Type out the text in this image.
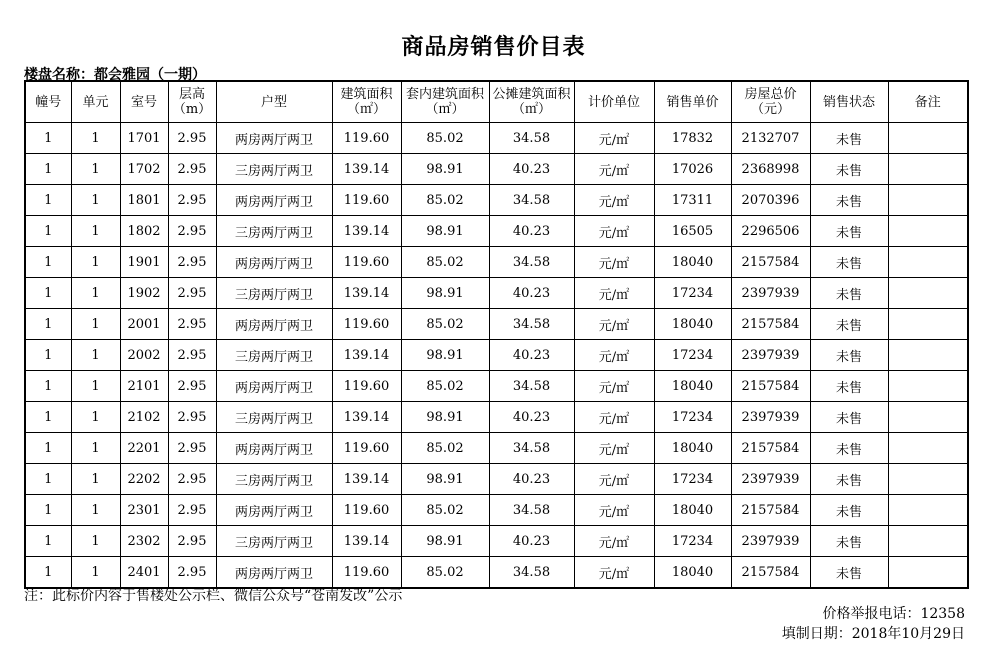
商品房销售价目表
楼盘名称：都会雅园（一期）
幢号	单元	室号	层高（m）	户型	建筑面积（㎡）	套内建筑面积（㎡）	公摊建筑面积（㎡）	计价单位	销售单价	房屋总价（元）	销售状态	备注
1	1	1701	2.95	两房两厅两卫	119.60	85.02	34.58	元/㎡	17832	2132707	未售	
1	1	1702	2.95	三房两厅两卫	139.14	98.91	40.23	元/㎡	17026	2368998	未售	
1	1	1801	2.95	两房两厅两卫	119.60	85.02	34.58	元/㎡	17311	2070396	未售	
1	1	1802	2.95	三房两厅两卫	139.14	98.91	40.23	元/㎡	16505	2296506	未售	
1	1	1901	2.95	两房两厅两卫	119.60	85.02	34.58	元/㎡	18040	2157584	未售	
1	1	1902	2.95	三房两厅两卫	139.14	98.91	40.23	元/㎡	17234	2397939	未售	
1	1	2001	2.95	两房两厅两卫	119.60	85.02	34.58	元/㎡	18040	2157584	未售	
1	1	2002	2.95	三房两厅两卫	139.14	98.91	40.23	元/㎡	17234	2397939	未售	
1	1	2101	2.95	两房两厅两卫	119.60	85.02	34.58	元/㎡	18040	2157584	未售	
1	1	2102	2.95	三房两厅两卫	139.14	98.91	40.23	元/㎡	17234	2397939	未售	
1	1	2201	2.95	两房两厅两卫	119.60	85.02	34.58	元/㎡	18040	2157584	未售	
1	1	2202	2.95	三房两厅两卫	139.14	98.91	40.23	元/㎡	17234	2397939	未售	
1	1	2301	2.95	两房两厅两卫	119.60	85.02	34.58	元/㎡	18040	2157584	未售	
1	1	2302	2.95	三房两厅两卫	139.14	98.91	40.23	元/㎡	17234	2397939	未售	
1	1	2401	2.95	两房两厅两卫	119.60	85.02	34.58	元/㎡	18040	2157584	未售	
注：此标价内容于售楼处公示栏、微信公众号“苍南发改”公示
价格举报电话：12358
填制日期：2018年10月29日
